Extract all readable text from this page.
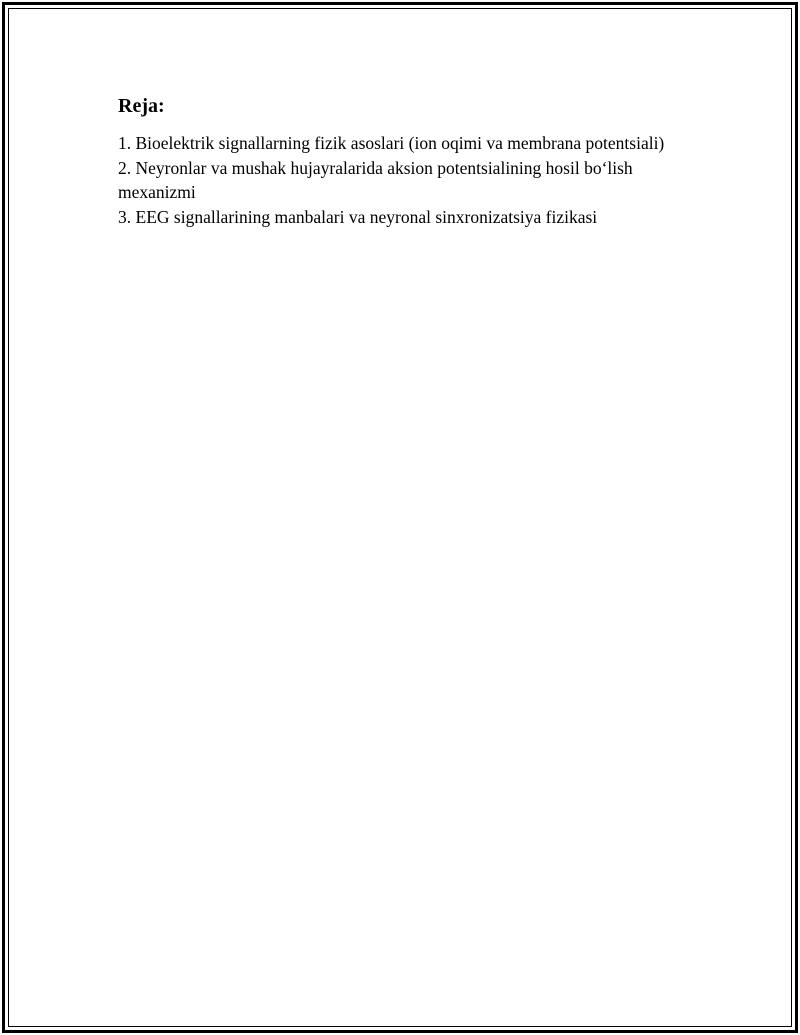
Reja:

1. Bioelektrik signallarning fizik asoslari (ion oqimi va membrana potentsiali)

2. Neyronlar va mushak hujayralarida aksion potentsialining hosil boʻlish mexanizmi

3. EEG signallarining manbalari va neyronal sinxronizatsiya fizikasi
